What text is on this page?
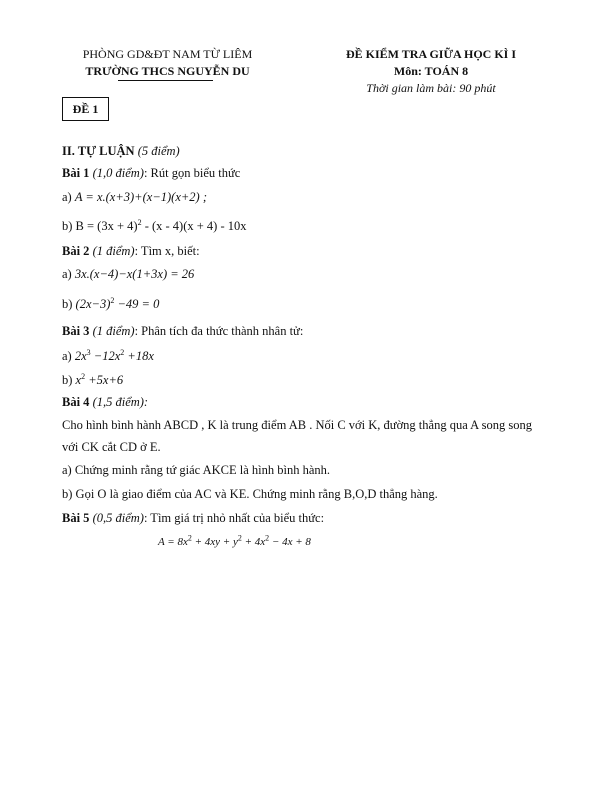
PHÒNG GD&ĐT NAM TỪ LIÊM
TRƯỜNG THCS NGUYỄN DU
ĐỀ KIỂM TRA GIỮA HỌC KÌ I
Môn: TOÁN 8
Thời gian làm bài: 90 phút
ĐỀ 1
II. TỰ LUẬN (5 điểm)
Bài 1 (1,0 điểm): Rút gọn biểu thức
a) A = x.(x+3)+(x−1)(x+2) ;
b) $B = (3x + 4)^2 - (x - 4)(x + 4) - 10x$
Bài 2 (1 điểm): Tìm x, biết:
a) 3x.(x−4)−x(1+3x) = 26
b) $(2x-3)^2 -49 = 0$
Bài 3 (1 điểm): Phân tích đa thức thành nhân tử:
a) $2x^3 -12x^2 +18x$
b) $x^2 +5x+6$
Bài 4 (1,5 điểm):
Cho hình bình hành ABCD , K là trung điểm AB . Nối C với K, đường thẳng qua A song song với CK cắt CD ở E.
a) Chứng minh rằng tứ giác AKCE là hình bình hành.
b) Gọi O là giao điểm của AC và KE. Chứng minh rằng B,O,D thẳng hàng.
Bài 5 (0,5 điểm): Tìm giá trị nhỏ nhất của biểu thức:
$A = 8x^2 + 4xy + y^2 + 4x^2 - 4x + 8$
